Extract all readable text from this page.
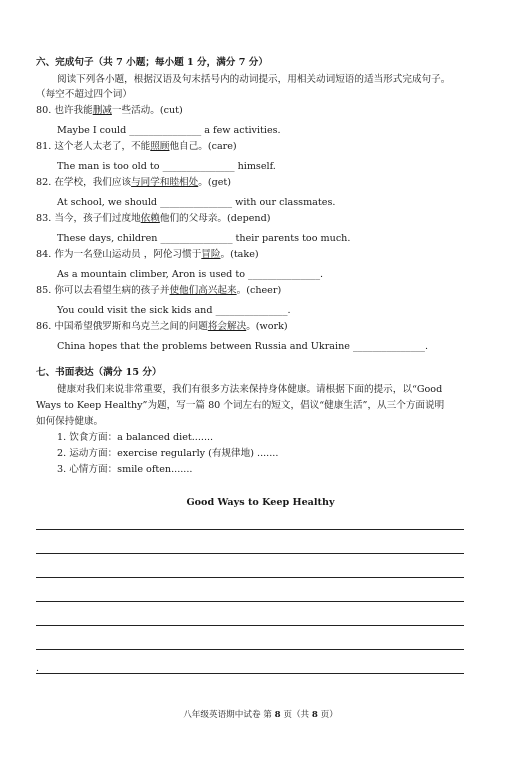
六、完成句子（共 7 小题；每小题 1 分，满分 7 分）
阅读下列各小题，根据汉语及句末括号内的动词提示，用相关动词短语的适当形式完成句子。
（每空不超过四个词）
80. 也许我能删减一些活动。(cut)
Maybe I could _______________ a few activities.
81. 这个老人太老了，不能照顾他自己。(care)
The man is too old to _______________ himself.
82. 在学校，我们应该与同学和睦相处。(get)
At school, we should _______________ with our classmates.
83. 当今，孩子们过度地依赖他们的父母亲。(depend)
These days, children _______________ their parents too much.
84. 作为一名登山运动员 ，阿伦习惯于冒险。(take)
As a mountain climber, Aron is used to _______________.
85. 你可以去看望生病的孩子并使他们高兴起来。(cheer)
You could visit the sick kids and _______________.
86. 中国希望俄罗斯和乌克兰之间的问题将会解决。(work)
China hopes that the problems between Russia and Ukraine _______________.
七、书面表达（满分 15 分）
健康对我们来说非常重要，我们有很多方法来保持身体健康。请根据下面的提示，以“Good
Ways to Keep Healthy”为题，写一篇 80 个词左右的短文，倡议“健康生活”，从三个方面说明
如何保持健康。
1. 饮食方面：a balanced diet.......
2. 运动方面：exercise regularly (有规律地) .......
3. 心情方面：smile often.......
Good Ways to Keep Healthy
.
八年级英语期中试卷 第 8 页（共 8 页）
